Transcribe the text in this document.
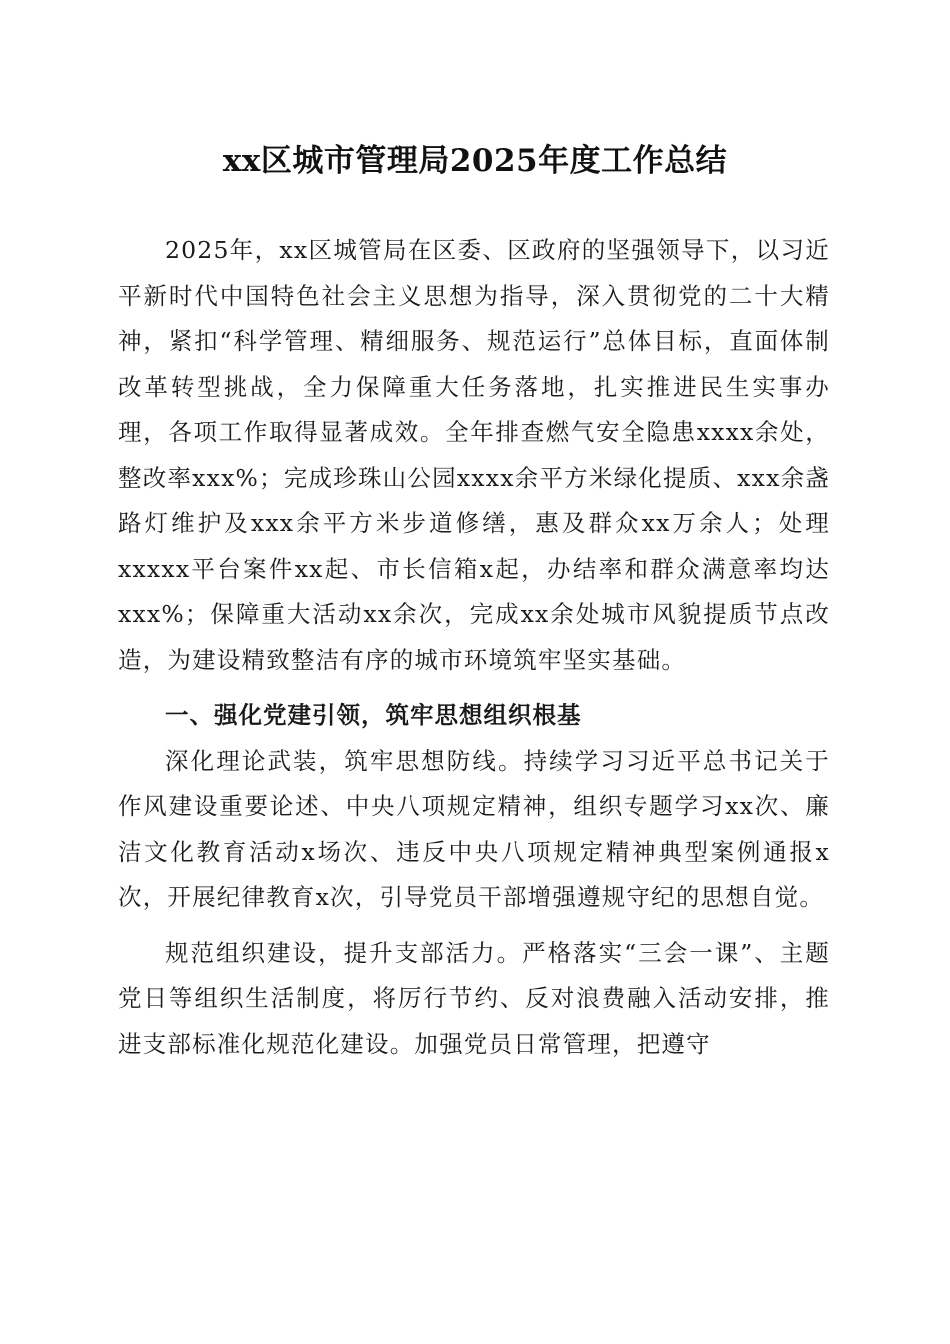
xx区城市管理局2025年度工作总结

2025年，xx区城管局在区委、区政府的坚强领导下，以习近平新时代中国特色社会主义思想为指导，深入贯彻党的二十大精神，紧扣“科学管理、精细服务、规范运行”总体目标，直面体制改革转型挑战，全力保障重大任务落地，扎实推进民生实事办理，各项工作取得显著成效。全年排查燃气安全隐患xxxx余处，整改率xxx%；完成珍珠山公园xxxx余平方米绿化提质、xxx余盏路灯维护及xxx余平方米步道修缮，惠及群众xx万余人；处理xxxxx平台案件xx起、市长信箱x起，办结率和群众满意率均达xxx%；保障重大活动xx余次，完成xx余处城市风貌提质节点改造，为建设精致整洁有序的城市环境筑牢坚实基础。

一、强化党建引领，筑牢思想组织根基

深化理论武装，筑牢思想防线。持续学习习近平总书记关于作风建设重要论述、中央八项规定精神，组织专题学习xx次、廉洁文化教育活动x场次、违反中央八项规定精神典型案例通报x次，开展纪律教育x次，引导党员干部增强遵规守纪的思想自觉。

规范组织建设，提升支部活力。严格落实“三会一课”、主题党日等组织生活制度，将厉行节约、反对浪费融入活动安排，推进支部标准化规范化建设。加强党员日常管理，把遵守
